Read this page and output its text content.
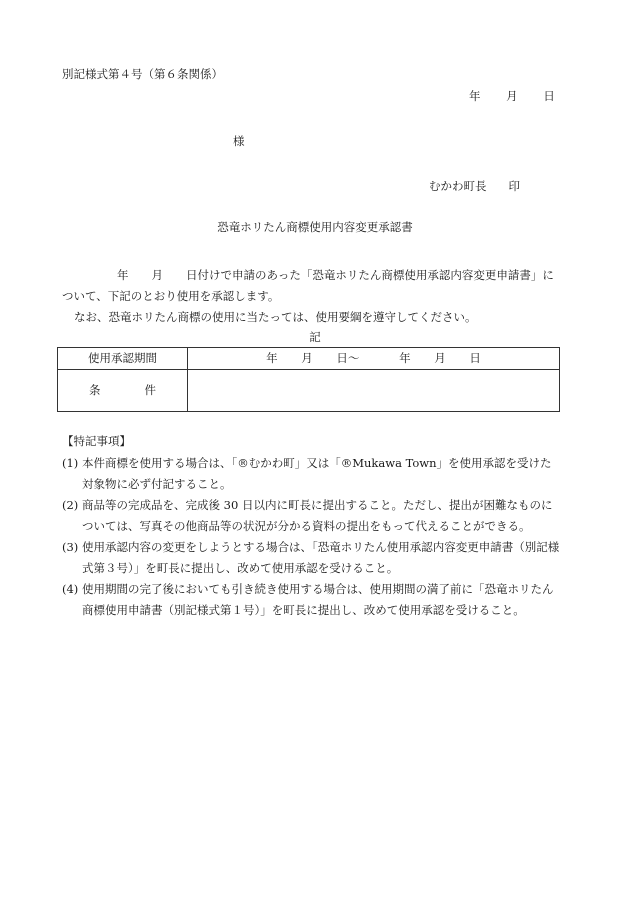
別記様式第４号（第６条関係）
年 月 日
様
むかわ町長 印
恐竜ホリたん商標使用内容変更承認書

年　　月　　日付けで申請のあった「恐竜ホリたん商標使用承認内容変更申請書」について、下記のとおり使用を承認します。

なお、恐竜ホリたん商標の使用に当たっては、使用要綱を遵守してください。

記
使用承認期間	年 月 日～ 年 月 日
条 件	
【特記事項】
(1) 本件商標を使用する場合は、「®むかわ町」又は「®Mukawa Town」を使用承認を受けた対象物に必ず付記すること。
(2) 商品等の完成品を、完成後 30 日以内に町長に提出すること。ただし、提出が困難なものについては、写真その他商品等の状況が分かる資料の提出をもって代えることができる。
(3) 使用承認内容の変更をしようとする場合は、「恐竜ホリたん使用承認内容変更申請書（別記様式第３号）」を町長に提出し、改めて使用承認を受けること。
(4) 使用期間の完了後においても引き続き使用する場合は、使用期間の満了前に「恐竜ホリたん商標使用申請書（別記様式第１号）」を町長に提出し、改めて使用承認を受けること。
